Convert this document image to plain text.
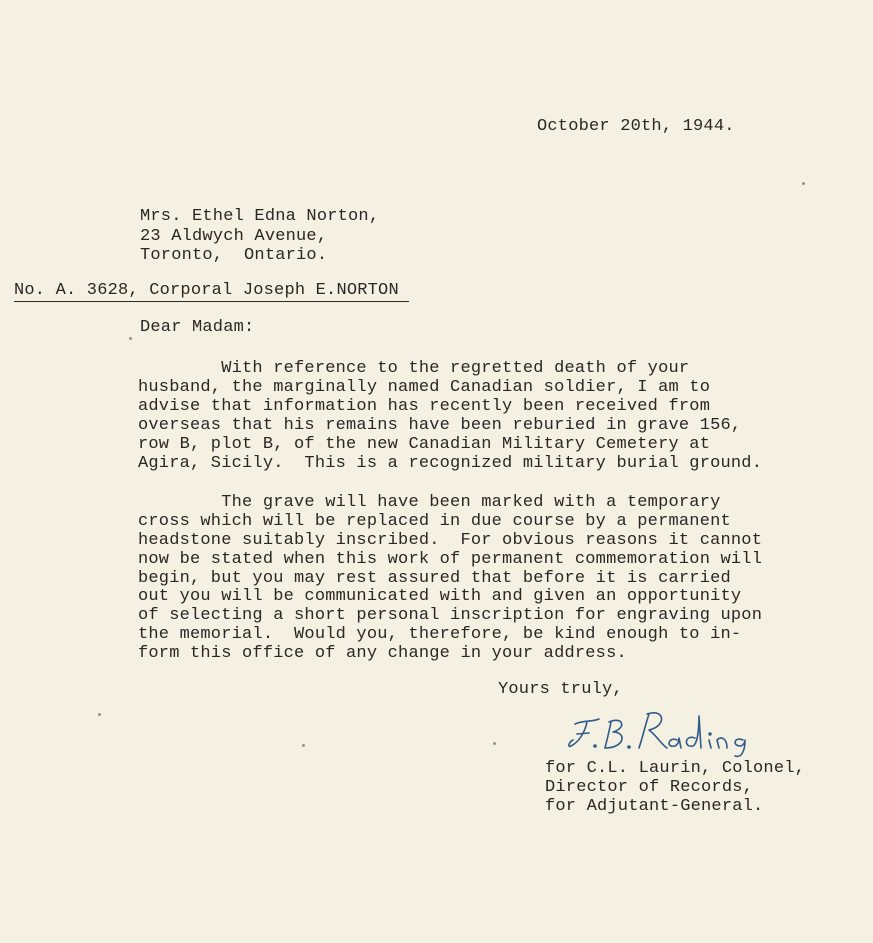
October 20th, 1944.
Mrs. Ethel Edna Norton,
23 Aldwych Avenue,
Toronto,  Ontario.
No. A. 3628, Corporal Joseph E.NORTON
Dear Madam:
With reference to the regretted death of your
husband, the marginally named Canadian soldier, I am to
advise that information has recently been received from
overseas that his remains have been reburied in grave 156,
row B, plot B, of the new Canadian Military Cemetery at
Agira, Sicily.  This is a recognized military burial ground.
The grave will have been marked with a temporary
cross which will be replaced in due course by a permanent
headstone suitably inscribed.  For obvious reasons it cannot
now be stated when this work of permanent commemoration will
begin, but you may rest assured that before it is carried
out you will be communicated with and given an opportunity
of selecting a short personal inscription for engraving upon
the memorial.  Would you, therefore, be kind enough to in-
form this office of any change in your address.
Yours truly,
for C.L. Laurin, Colonel,
Director of Records,
for Adjutant-General.
